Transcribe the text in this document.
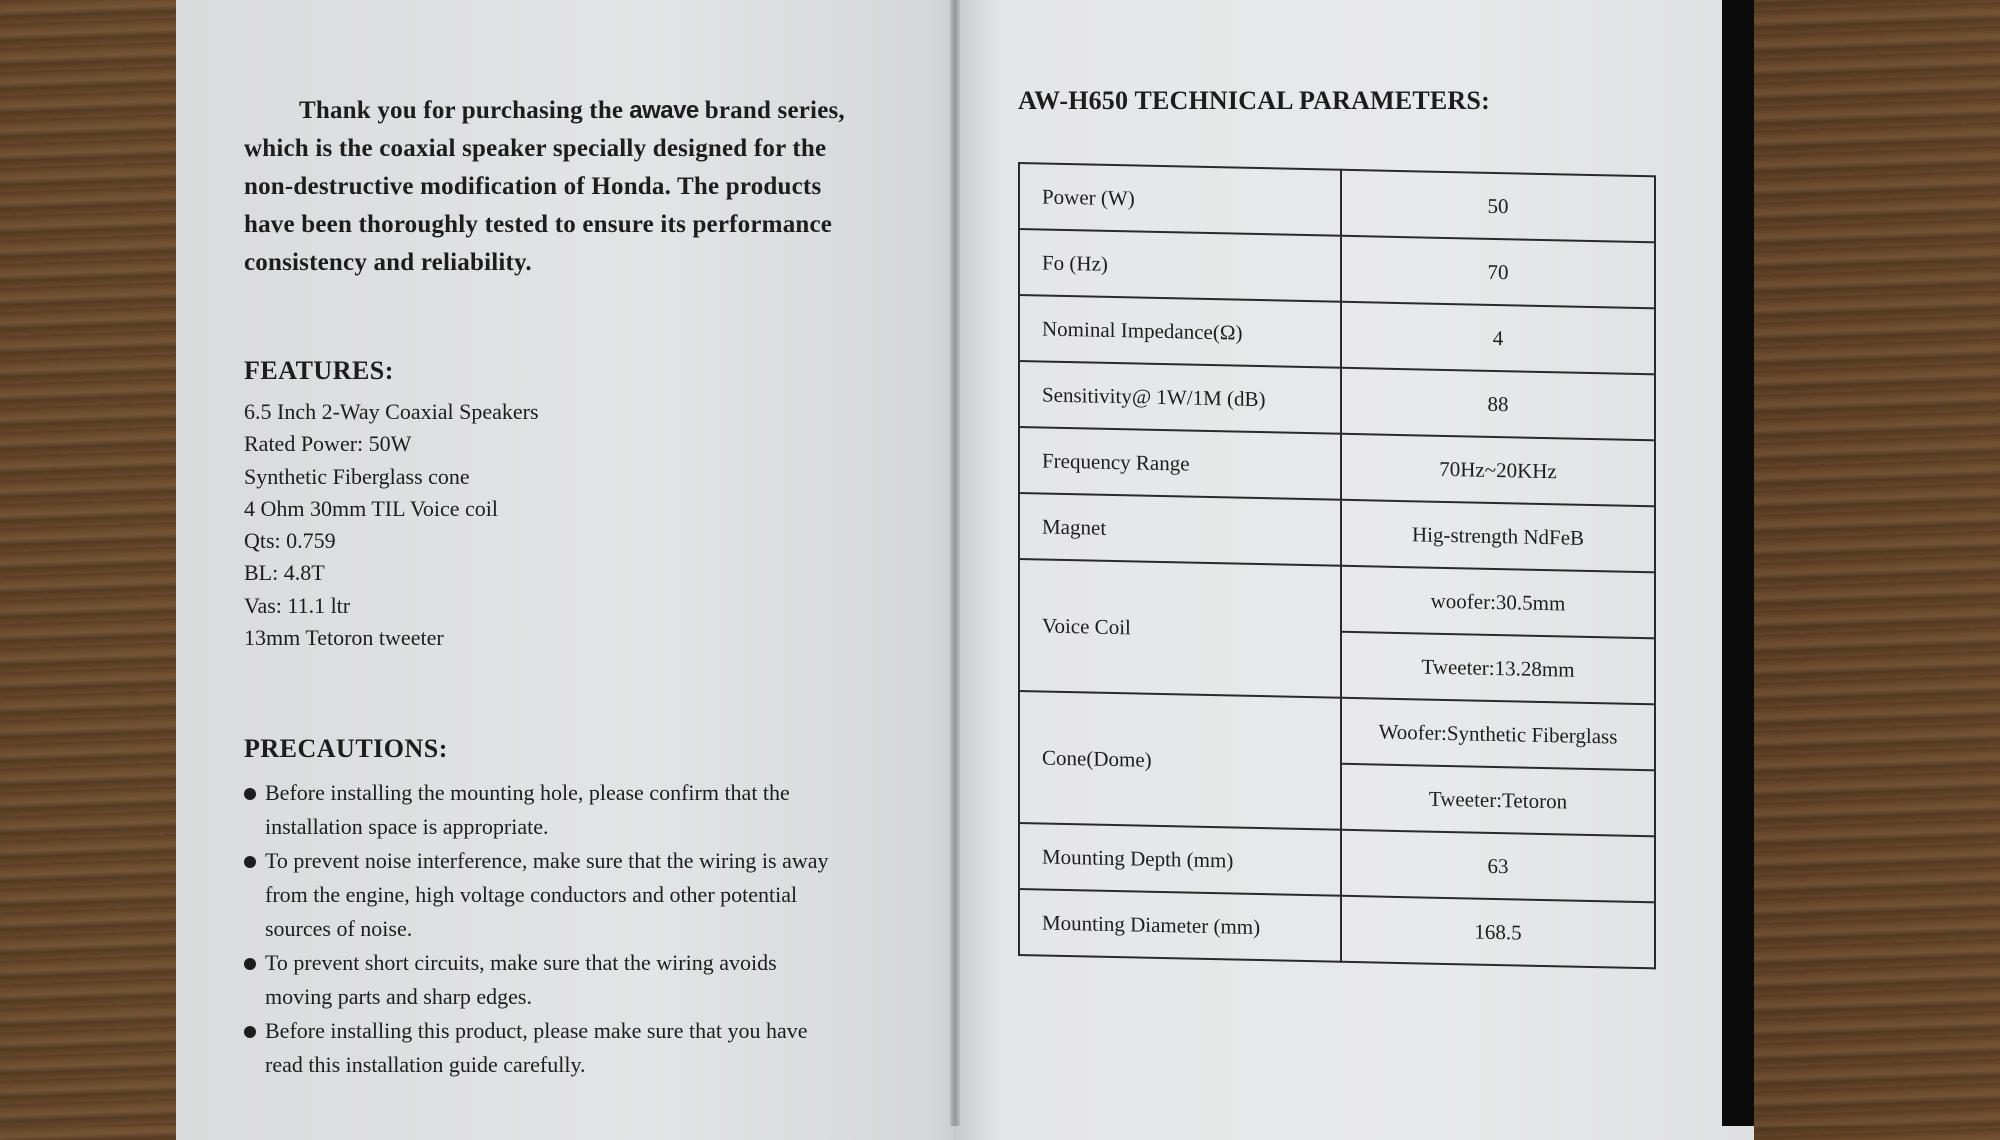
Thank you for purchasing the awave brand series,
which is the coaxial speaker specially designed for the
non-destructive modification of Honda. The products
have been thoroughly tested to ensure its performance
consistency and reliability.
FEATURES:
6.5 Inch 2-Way Coaxial Speakers
Rated Power: 50W
Synthetic Fiberglass cone
4 Ohm 30mm TIL Voice coil
Qts: 0.759
BL: 4.8T
Vas: 11.1 ltr
13mm Tetoron tweeter
PRECAUTIONS:
Before installing the mounting hole, please confirm that the
installation space is appropriate.
To prevent noise interference, make sure that the wiring is away
from the engine, high voltage conductors and other potential
sources of noise.
To prevent short circuits, make sure that the wiring avoids
moving parts and sharp edges.
Before installing this product, please make sure that you have
read this installation guide carefully.
AW-H650 TECHNICAL PARAMETERS:
Power (W)	50
Fo (Hz)	70
Nominal Impedance(Ω)	4
Sensitivity@ 1W/1M (dB)	88
Frequency Range	70Hz~20KHz
Magnet	Hig-strength NdFeB
Voice Coil	woofer:30.5mm
	Tweeter:13.28mm
Cone(Dome)	Woofer:Synthetic Fiberglass
	Tweeter:Tetoron
Mounting Depth (mm)	63
Mounting Diameter (mm)	168.5
